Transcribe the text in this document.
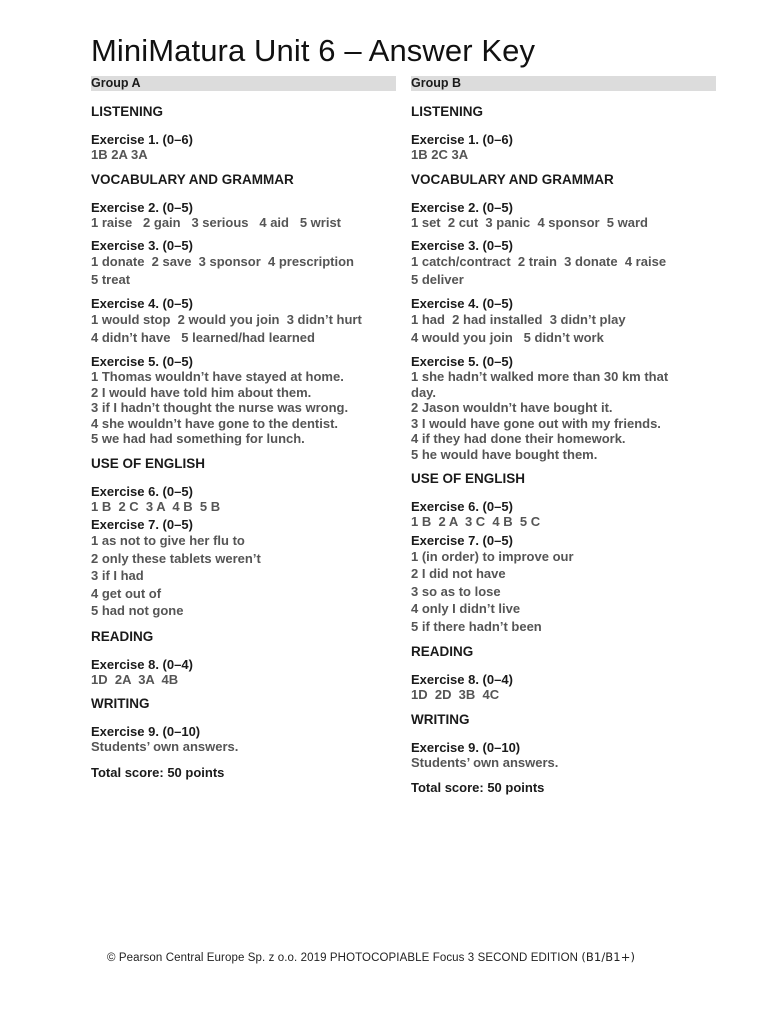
MiniMatura Unit 6 – Answer Key
Group A
LISTENING
Exercise 1. (0–6)
1B 2A 3A
VOCABULARY AND GRAMMAR
Exercise 2. (0–5)
1 raise   2 gain   3 serious   4 aid   5 wrist
Exercise 3. (0–5)
1 donate  2 save  3 sponsor  4 prescription
5 treat
Exercise 4. (0–5)
1 would stop  2 would you join  3 didn’t hurt
4 didn’t have   5 learned/had learned
Exercise 5. (0–5)
1 Thomas wouldn’t have stayed at home.
2 I would have told him about them.
3 if I hadn’t thought the nurse was wrong.
4 she wouldn’t have gone to the dentist.
5 we had had something for lunch.
USE OF ENGLISH
Exercise 6. (0–5)
1 B  2 C  3 A  4 B  5 B
Exercise 7. (0–5)
1 as not to give her flu to
2 only these tablets weren’t
3 if I had
4 get out of
5 had not gone
READING
Exercise 8. (0–4)
1D  2A  3A  4B
WRITING
Exercise 9. (0–10)
Students’ own answers.
Total score: 50 points
Group B
LISTENING
Exercise 1. (0–6)
1B 2C 3A
VOCABULARY AND GRAMMAR
Exercise 2. (0–5)
1 set  2 cut  3 panic  4 sponsor  5 ward
Exercise 3. (0–5)
1 catch/contract  2 train  3 donate  4 raise
5 deliver
Exercise 4. (0–5)
1 had  2 had installed  3 didn’t play
4 would you join   5 didn’t work
Exercise 5. (0–5)
1 she hadn’t walked more than 30 km that
day.
2 Jason wouldn’t have bought it.
3 I would have gone out with my friends.
4 if they had done their homework.
5 he would have bought them.
USE OF ENGLISH
Exercise 6. (0–5)
1 B  2 A  3 C  4 B  5 C
Exercise 7. (0–5)
1 (in order) to improve our
2 I did not have
3 so as to lose
4 only I didn’t live
5 if there hadn’t been
READING
Exercise 8. (0–4)
1D  2D  3B  4C
WRITING
Exercise 9. (0–10)
Students’ own answers.
Total score: 50 points
© Pearson Central Europe Sp. z o.o. 2019 PHOTOCOPIABLE Focus 3 SECOND EDITION (B1/B1+)
